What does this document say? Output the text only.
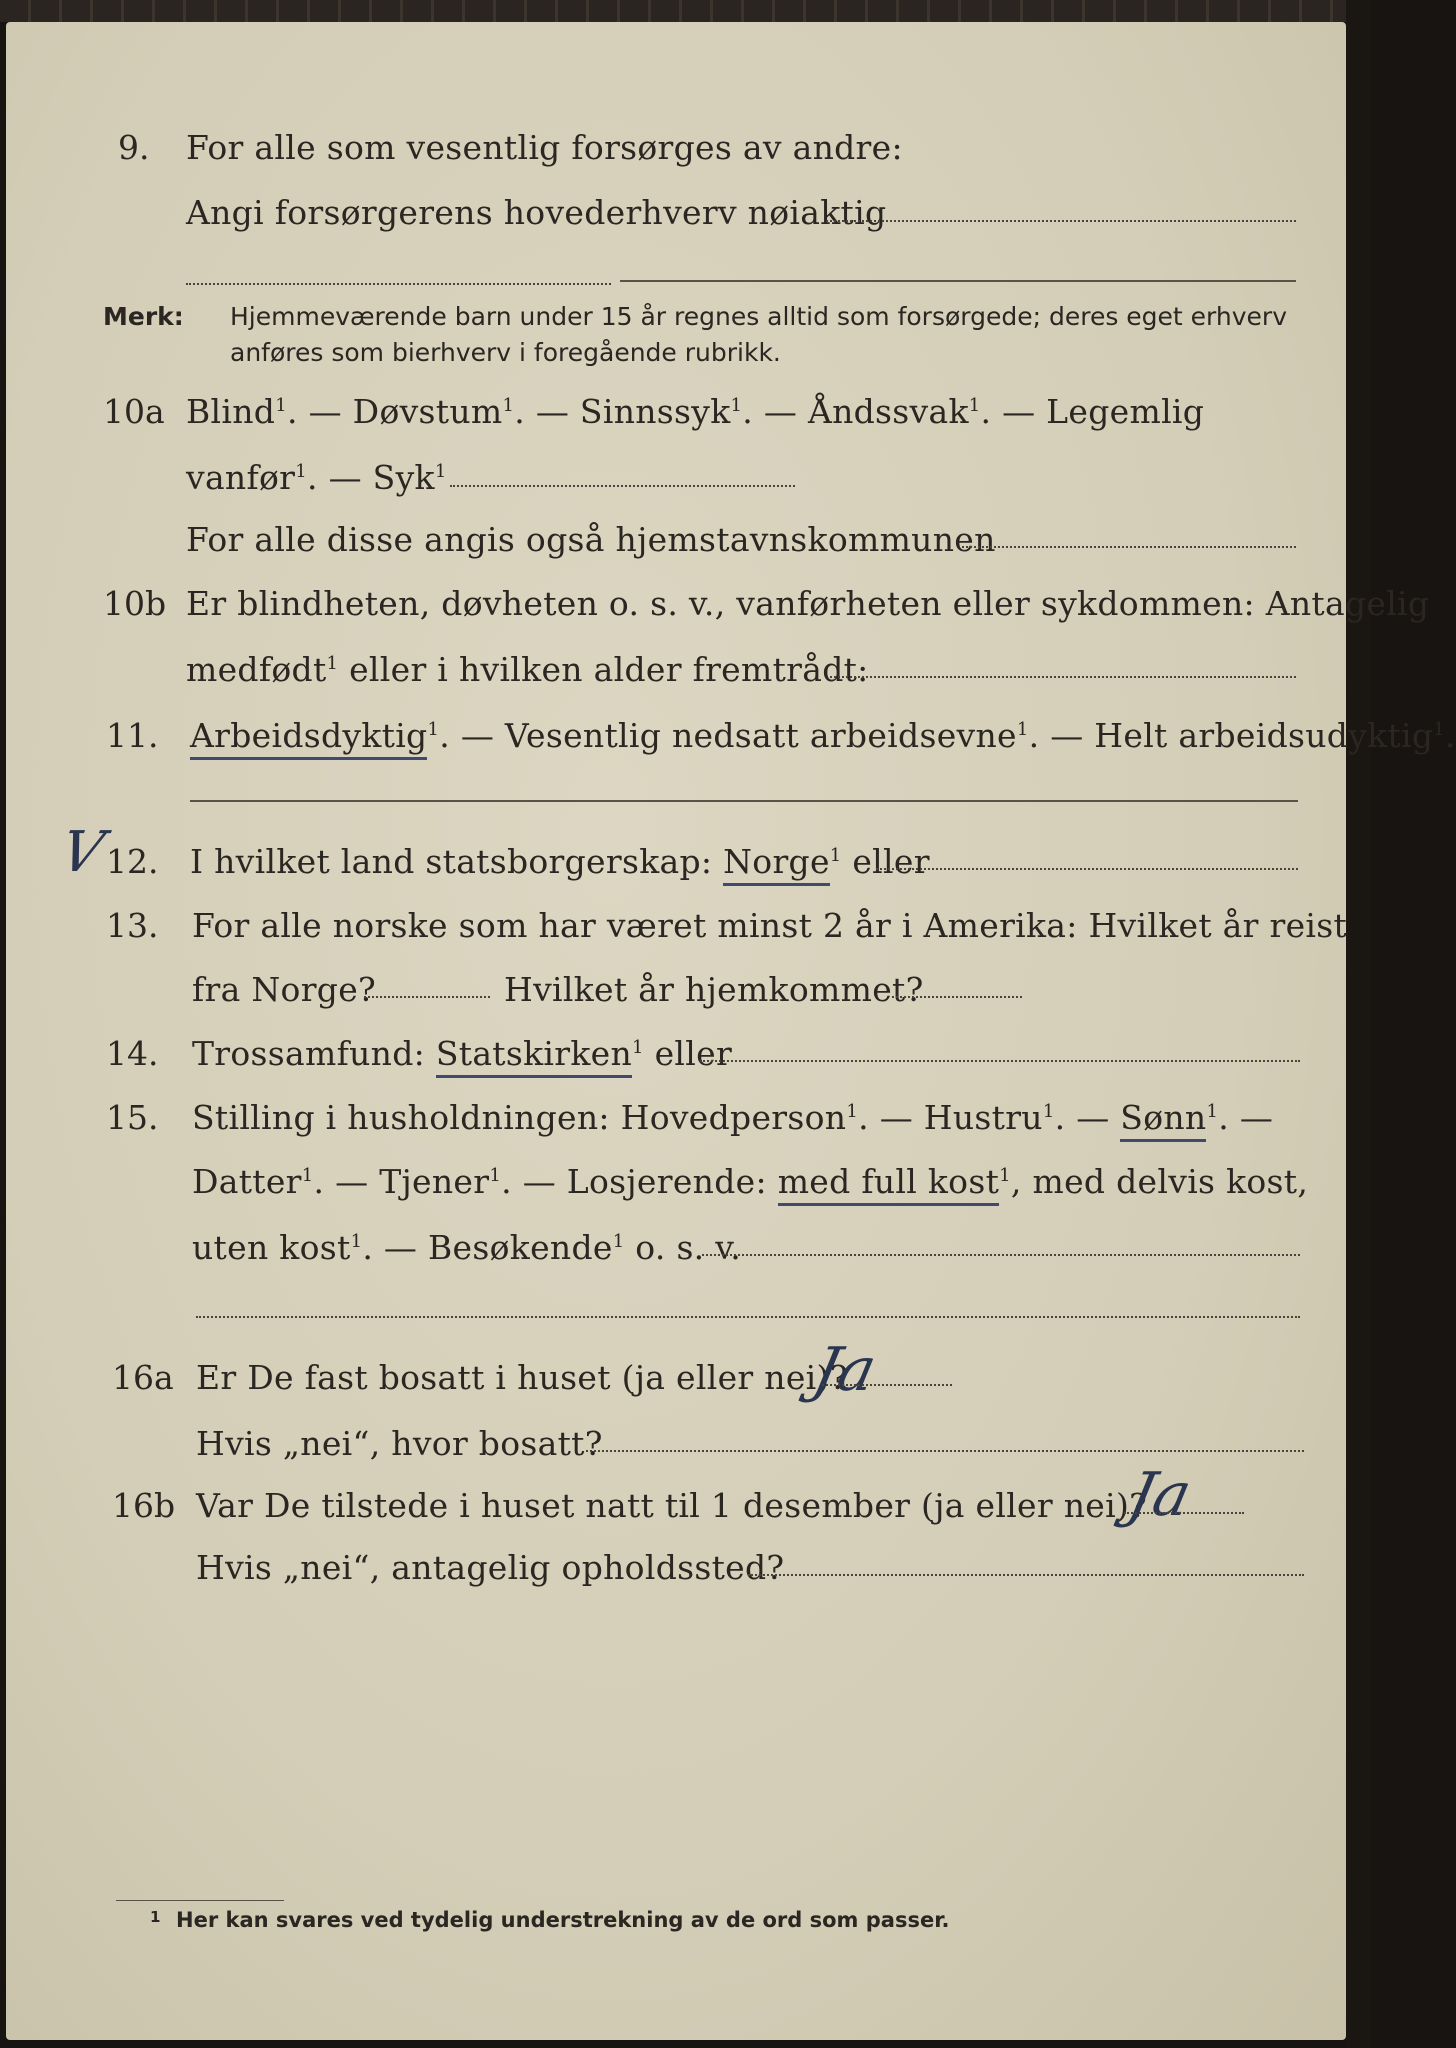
9. For alle som vesentlig forsørges av andre:
Angi forsørgerens hovederhverv nøiaktig
Merk: Hjemmeværende barn under 15 år regnes alltid som forsørgede; deres eget erhverv
anføres som bierhverv i foregående rubrikk.
10a Blind$^1$. — Døvstum$^1$. — Sinnssyk$^1$. — Åndssvak$^1$. — Legemlig
vanfør$^1$. — Syk$^1$
For alle disse angis også hjemstavnskommunen
10b Er blindheten, døvheten o. s. v., vanførheten eller sykdommen: Antagelig
medfødt$^1$ eller i hvilken alder fremtrådt:
11. Arbeidsdyktig$^1$. — Vesentlig nedsatt arbeidsevne$^1$. — Helt arbeidsudyktig$^1$.
V
12. I hvilket land statsborgerskap: Norge$^1$ eller
13. For alle norske som har været minst 2 år i Amerika: Hvilket år reist
fra Norge?	Hvilket år hjemkommet?
14. Trossamfund: Statskirken$^1$ eller
15. Stilling i husholdningen: Hovedperson$^1$. — Hustru$^1$. — Sønn$^1$. —
Datter$^1$. — Tjener$^1$. — Losjerende: med full kost$^1$, med delvis kost,
uten kost$^1$. — Besøkende$^1$ o. s. v.
16a Er De fast bosatt i huset (ja eller nei)?
Ja
Hvis „nei“, hvor bosatt?
16b Var De tilstede i huset natt til 1 desember (ja eller nei)?
Ja
Hvis „nei“, antagelig opholdssted?
1 Her kan svares ved tydelig understrekning av de ord som passer.
